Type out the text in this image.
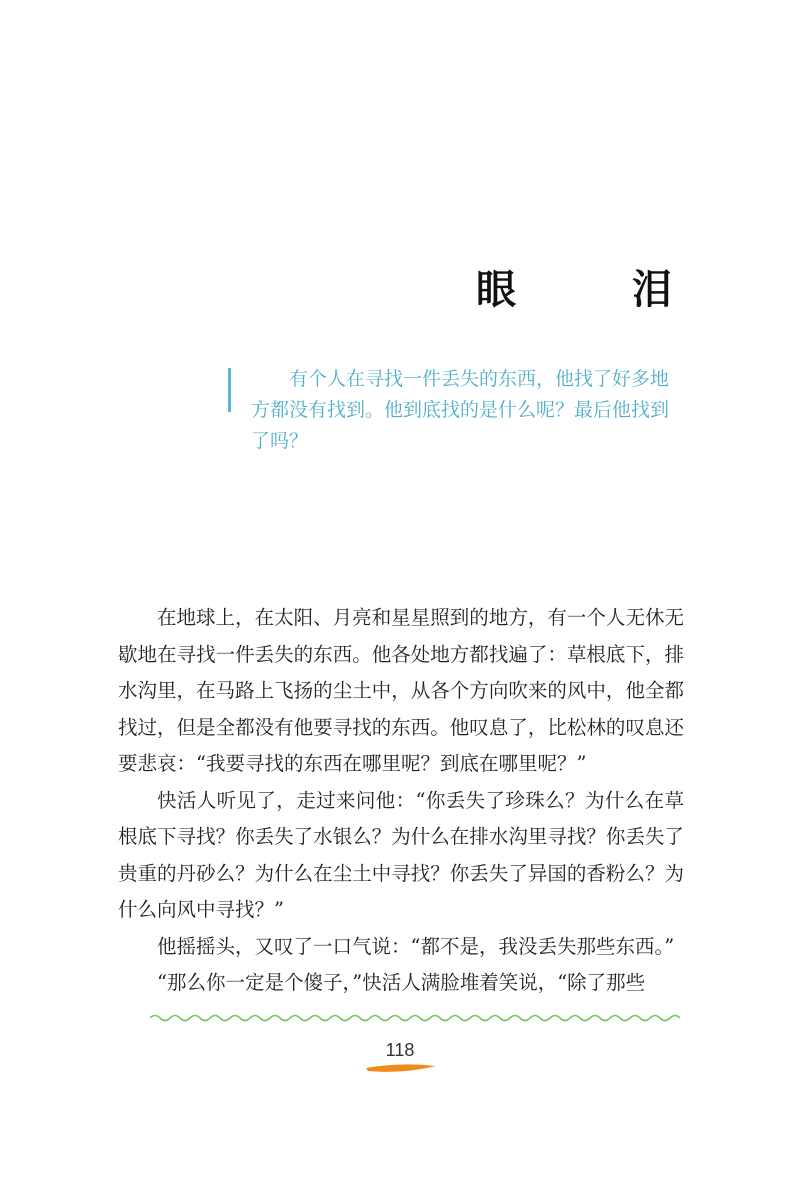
眼　泪
有个人在寻找一件丢失的东西，他找了好多地方都没有找到。他到底找的是什么呢？最后他找到了吗？

在地球上，在太阳、月亮和星星照到的地方，有一个人无休无歇地在寻找一件丢失的东西。他各处地方都找遍了：草根底下，排水沟里，在马路上飞扬的尘土中，从各个方向吹来的风中，他全都找过，但是全都没有他要寻找的东西。他叹息了，比松林的叹息还要悲哀：“我要寻找的东西在哪里呢？到底在哪里呢？”

快活人听见了，走过来问他：“你丢失了珍珠么？为什么在草根底下寻找？你丢失了水银么？为什么在排水沟里寻找？你丢失了贵重的丹砂么？为什么在尘土中寻找？你丢失了异国的香粉么？为什么向风中寻找？”

他摇摇头，又叹了一口气说：“都不是，我没丢失那些东西。”

“那么你一定是个傻子，”快活人满脸堆着笑说，“除了那些

118
